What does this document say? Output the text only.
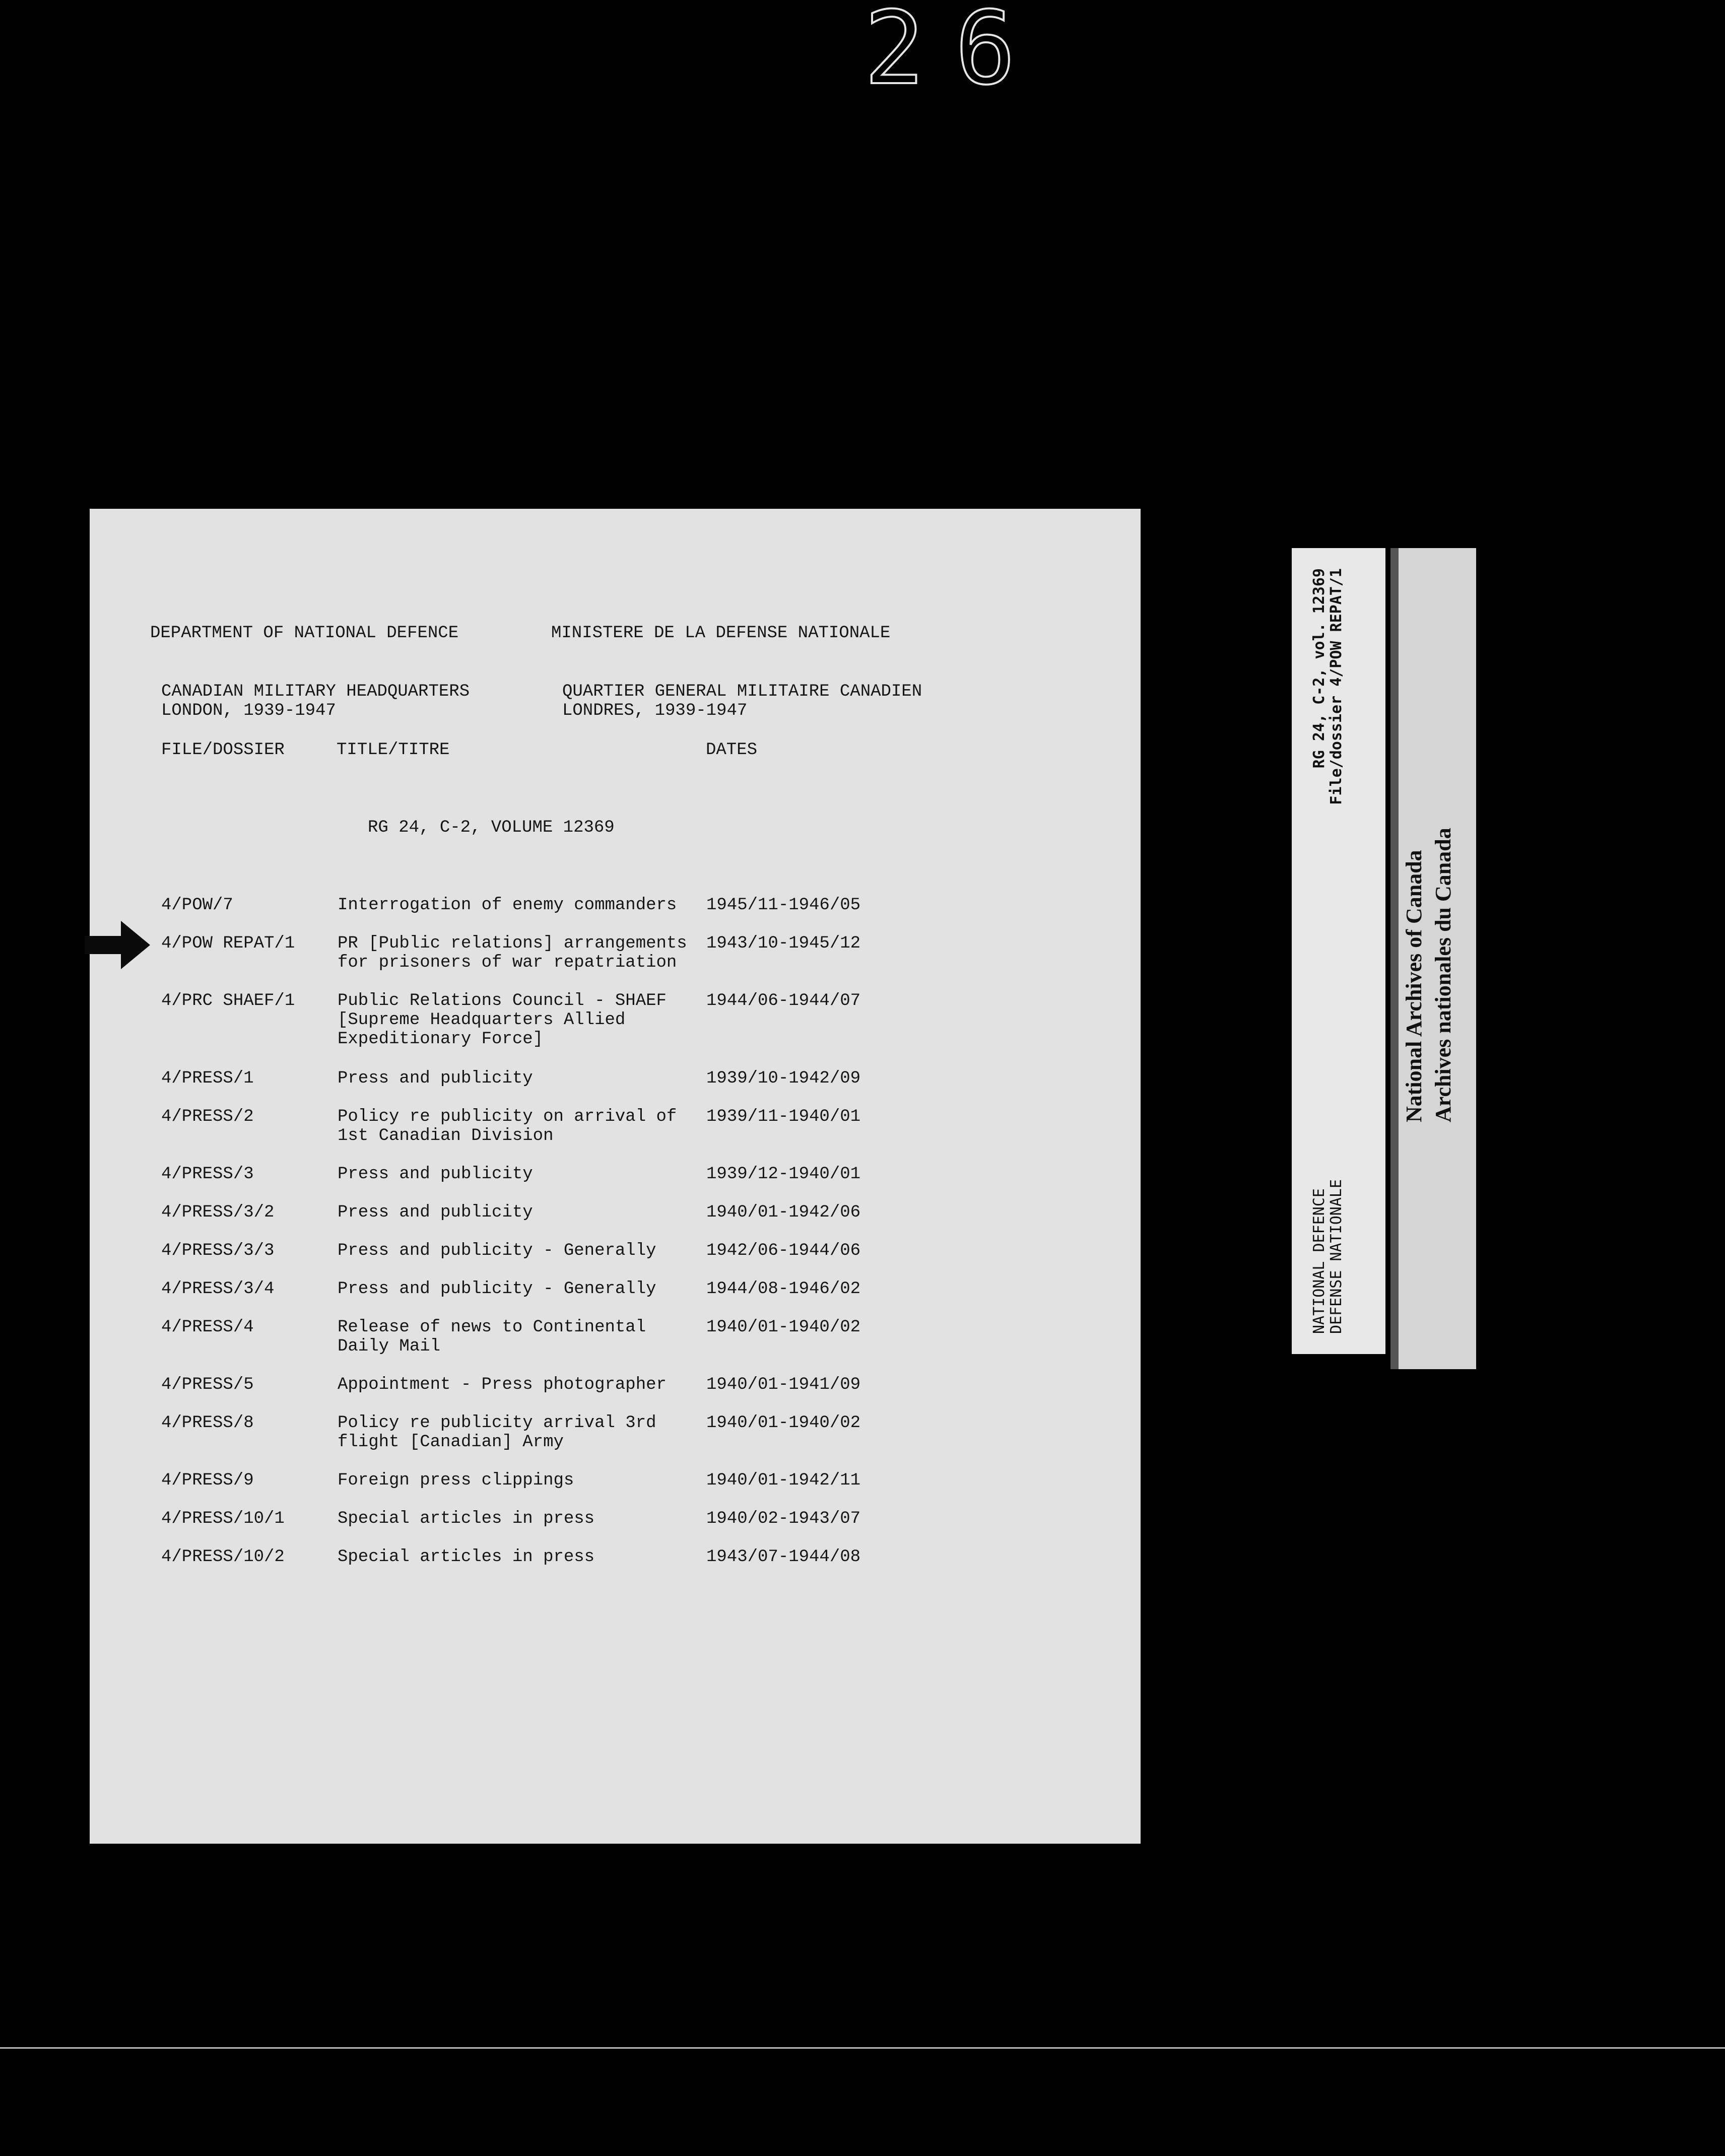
26
DEPARTMENT OF NATIONAL DEFENCE	MINISTERE DE LA DEFENSE NATIONALE
CANADIAN MILITARY HEADQUARTERS
LONDON, 1939-1947
QUARTIER GENERAL MILITAIRE CANADIEN
LONDRES, 1939-1947
FILE/DOSSIER	TITLE/TITRE	DATES
RG 24, C-2, VOLUME 12369
4/POW/7	Interrogation of enemy commanders 1945/11-1946/05
4/POW REPAT/1 PR [Public relations] arrangements
for prisoners of war repatriation
1943/10-1945/12
4/PRC SHAEF/1 Public Relations Council - SHAEF
[Supreme Headquarters Allied
Expeditionary Force]
1944/06-1944/07
4/PRESS/1	Press and publicity	1939/10-1942/09
4/PRESS/2	Policy re publicity on arrival of
1st Canadian Division
1939/11-1940/01
4/PRESS/3	Press and publicity	1939/12-1940/01
4/PRESS/3/2	Press and publicity	1940/01-1942/06
4/PRESS/3/3	Press and publicity - Generally	1942/06-1944/06
4/PRESS/3/4	Press and publicity - Generally	1944/08-1946/02
4/PRESS/4	Release of news to Continental
Daily Mail
1940/01-1940/02
4/PRESS/5	Appointment - Press photographer 1940/01-1941/09
4/PRESS/8	Policy re publicity arrival 3rd
flight [Canadian] Army
1940/01-1940/02
4/PRESS/9	Foreign press clippings	1940/01-1942/11
4/PRESS/10/1	Special articles in press	1940/02-1943/07
4/PRESS/10/2	Special articles in press	1943/07-1944/08
RG 24, C-2, vol. 12369 File/dossier 4/POW REPAT/1
NATIONAL DEFENCE DEFENSE NATIONALE
National Archives of Canada Archives nationales du Canada
